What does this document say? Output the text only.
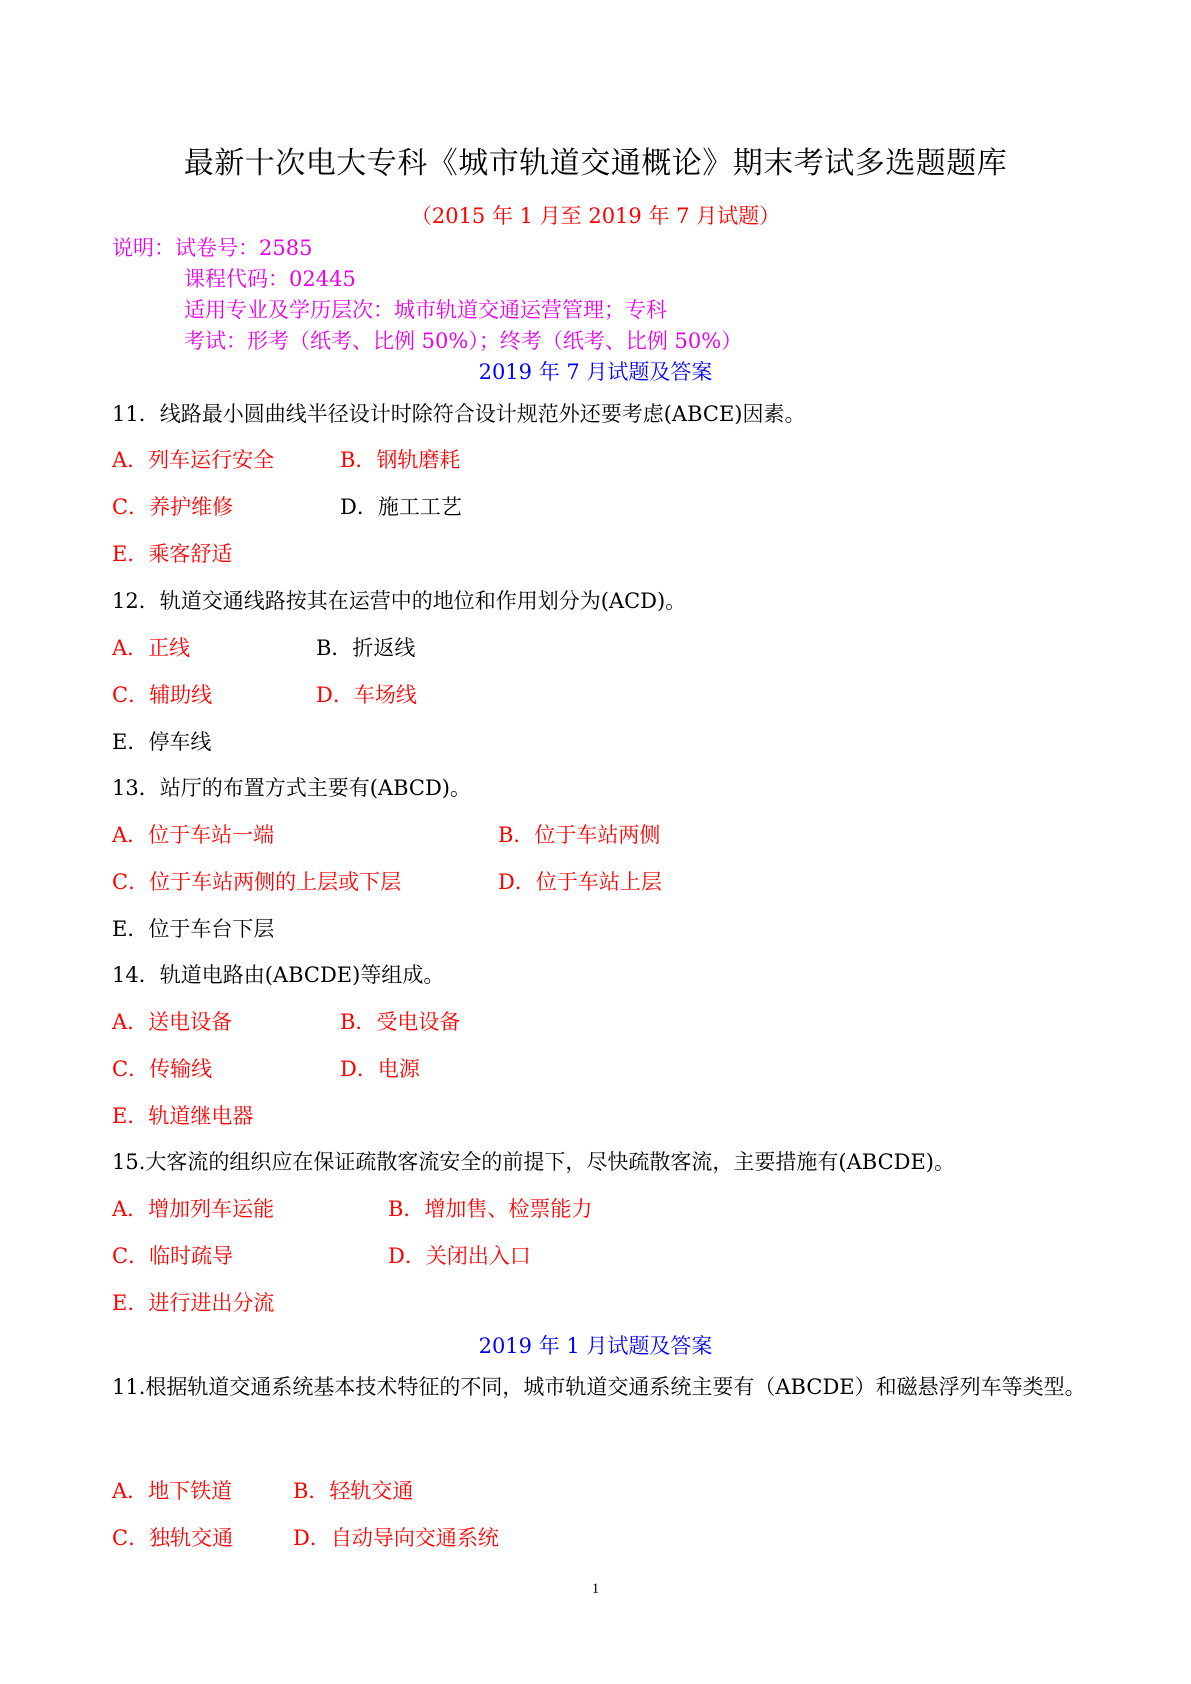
最新十次电大专科《城市轨道交通概论》期末考试多选题题库
（2015 年 1 月至 2019 年 7 月试题）
说明：试卷号：2585
课程代码：02445
适用专业及学历层次：城市轨道交通运营管理；专科
考试：形考（纸考、比例 50%）；终考（纸考、比例 50%）
2019 年 7 月试题及答案
11．线路最小圆曲线半径设计时除符合设计规范外还要考虑(ABCE)因素。
A．列车运行安全	B．钢轨磨耗
C．养护维修	D．施工工艺
E．乘客舒适
12．轨道交通线路按其在运营中的地位和作用划分为(ACD)。
A．正线	B．折返线
C．辅助线	D．车场线
E．停车线
13．站厅的布置方式主要有(ABCD)。
A．位于车站一端	B．位于车站两侧
C．位于车站两侧的上层或下层	D．位于车站上层
E．位于车台下层
14．轨道电路由(ABCDE)等组成。
A．送电设备	B．受电设备
C．传输线	D．电源
E．轨道继电器
15.大客流的组织应在保证疏散客流安全的前提下，尽快疏散客流，主要措施有(ABCDE)。
A．增加列车运能	B．增加售、检票能力
C．临时疏导	D．关闭出入口
E．进行进出分流
2019 年 1 月试题及答案
11.根据轨道交通系统基本技术特征的不同，城市轨道交通系统主要有（ABCDE）和磁悬浮列车等类型。
A．地下铁道	B．轻轨交通
C．独轨交通	D．自动导向交通系统
1
